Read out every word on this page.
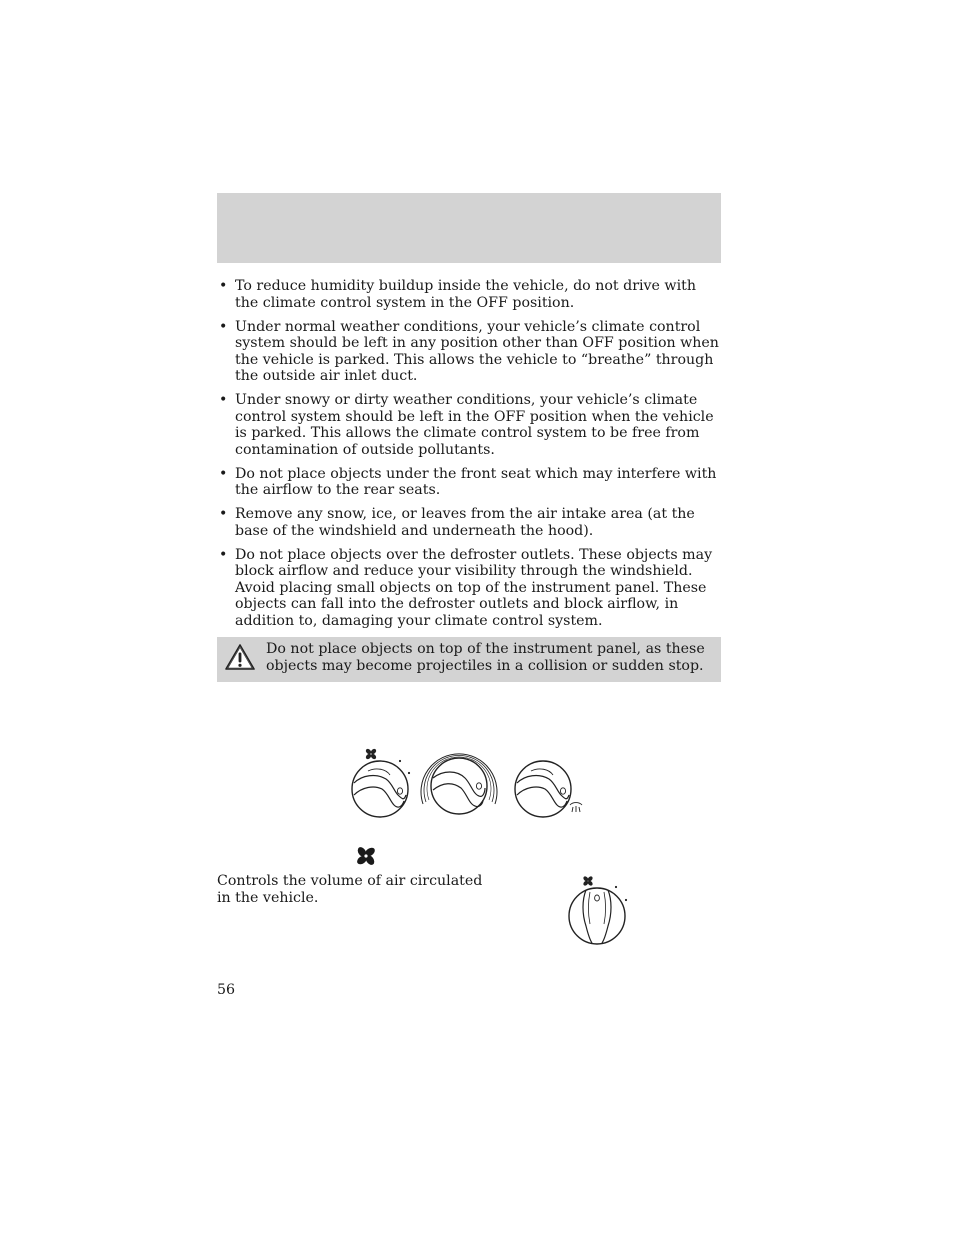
• To reduce humidity buildup inside the vehicle, do not drive with the climate control system in the OFF position.
• Under normal weather conditions, your vehicle’s climate control system should be left in any position other than OFF position when the vehicle is parked. This allows the vehicle to “breathe” through the outside air inlet duct.
• Under snowy or dirty weather conditions, your vehicle’s climate control system should be left in the OFF position when the vehicle is parked. This allows the climate control system to be free from contamination of outside pollutants.
• Do not place objects under the front seat which may interfere with the airflow to the rear seats.
• Remove any snow, ice, or leaves from the air intake area (at the base of the windshield and underneath the hood).
• Do not place objects over the defroster outlets. These objects may block airflow and reduce your visibility through the windshield. Avoid placing small objects on top of the instrument panel. These objects can fall into the defroster outlets and block airflow, in addition to, damaging your climate control system.
Do not place objects on top of the instrument panel, as these objects may become projectiles in a collision or sudden stop.
Controls the volume of air circulated in the vehicle.
56
